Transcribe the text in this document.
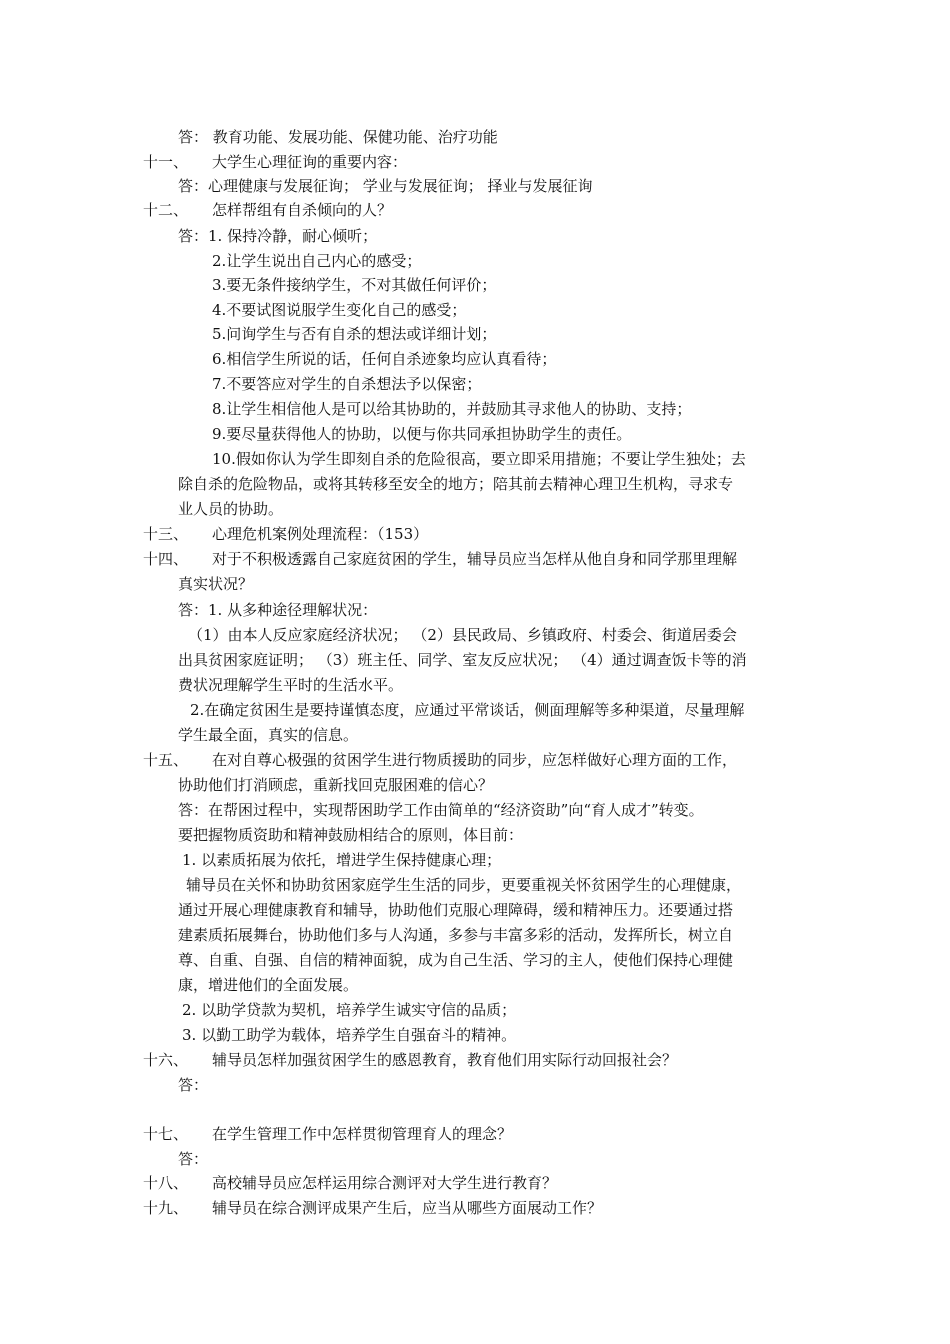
答： 教育功能、发展功能、保健功能、治疗功能
十一、 大学生心理征询的重要内容：
答：心理健康与发展征询； 学业与发展征询； 择业与发展征询
十二、 怎样帮组有自杀倾向的人？
答：1. 保持冷静，耐心倾听；
2.让学生说出自己内心的感受；
3.要无条件接纳学生，不对其做任何评价；
4.不要试图说服学生变化自己的感受；
5.问询学生与否有自杀的想法或详细计划；
6.相信学生所说的话，任何自杀迹象均应认真看待；
7.不要答应对学生的自杀想法予以保密；
8.让学生相信他人是可以给其协助的，并鼓励其寻求他人的协助、支持；
9.要尽量获得他人的协助，以便与你共同承担协助学生的责任。
10.假如你认为学生即刻自杀的危险很高，要立即采用措施；不要让学生独处；去
除自杀的危险物品，或将其转移至安全的地方；陪其前去精神心理卫生机构，寻求专
业人员的协助。
十三、 心理危机案例处理流程：（153）
十四、 对于不积极透露自己家庭贫困的学生，辅导员应当怎样从他自身和同学那里理解
真实状况？
答：1. 从多种途径理解状况：
（1）由本人反应家庭经济状况； （2）县民政局、乡镇政府、村委会、街道居委会
出具贫困家庭证明； （3）班主任、同学、室友反应状况； （4）通过调查饭卡等的消
费状况理解学生平时的生活水平。
2.在确定贫困生是要持谨慎态度，应通过平常谈话，侧面理解等多种渠道，尽量理解
学生最全面，真实的信息。
十五、 在对自尊心极强的贫困学生进行物质援助的同步，应怎样做好心理方面的工作，
协助他们打消顾虑，重新找回克服困难的信心？
答：在帮困过程中，实现帮困助学工作由简单的“经济资助”向“育人成才”转变。
要把握物质资助和精神鼓励相结合的原则，体目前：
1. 以素质拓展为依托，增进学生保持健康心理；
辅导员在关怀和协助贫困家庭学生生活的同步，更要重视关怀贫困学生的心理健康，
通过开展心理健康教育和辅导，协助他们克服心理障碍，缓和精神压力。还要通过搭
建素质拓展舞台，协助他们多与人沟通，多参与丰富多彩的活动，发挥所长，树立自
尊、自重、自强、自信的精神面貌，成为自己生活、学习的主人，使他们保持心理健
康，增进他们的全面发展。
2. 以助学贷款为契机，培养学生诚实守信的品质；
3. 以勤工助学为载体，培养学生自强奋斗的精神。
十六、 辅导员怎样加强贫困学生的感恩教育，教育他们用实际行动回报社会？
答：
十七、 在学生管理工作中怎样贯彻管理育人的理念？
答：
十八、 高校辅导员应怎样运用综合测评对大学生进行教育？
十九、 辅导员在综合测评成果产生后，应当从哪些方面展动工作？
